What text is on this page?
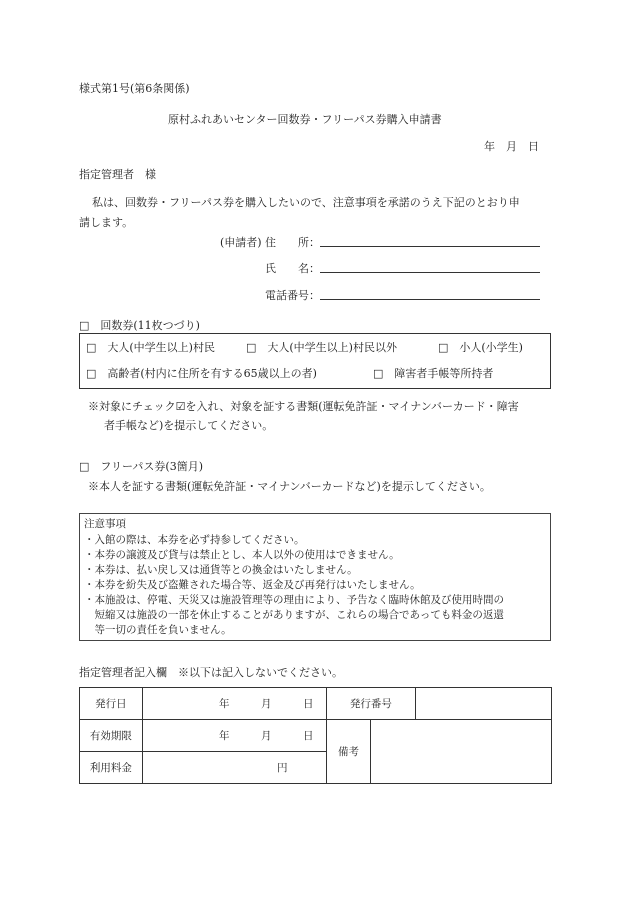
様式第1号(第6条関係)
原村ふれあいセンター回数券・フリーパス券購入申請書
年　月　日
指定管理者　様
私は、回数券・フリーパス券を購入したいので、注意事項を承諾のうえ下記のとおり申
請します。
(申請者) 住　　所：
氏　　名：
電話番号：
□　回数券(11枚つづり)
□　大人(中学生以上)村民	□　大人(中学生以上)村民以外	□　小人(小学生)
□　高齢者(村内に住所を有する65歳以上の者)	□　障害者手帳等所持者
※対象にチェック☑を入れ、対象を証する書類(運転免許証・マイナンバーカード・障害
者手帳など)を提示してください。
□　フリーパス券(3箇月)
※本人を証する書類(運転免許証・マイナンバーカードなど)を提示してください。
注意事項
・入館の際は、本券を必ず持参してください。
・本券の譲渡及び貸与は禁止とし、本人以外の使用はできません。
・本券は、払い戻し又は通貨等との換金はいたしません。
・本券を紛失及び盗難された場合等、返金及び再発行はいたしません。
・本施設は、停電、天災又は施設管理等の理由により、予告なく臨時休館及び使用時間の
　短縮又は施設の一部を休止することがありますが、これらの場合であっても料金の返還
　等一切の責任を負いません。
指定管理者記入欄　※以下は記入しないでください。
発行日	年　　　月　　　日	発行番号		
有効期限	年　　　月　　　日	備考		
利用料金	円			
